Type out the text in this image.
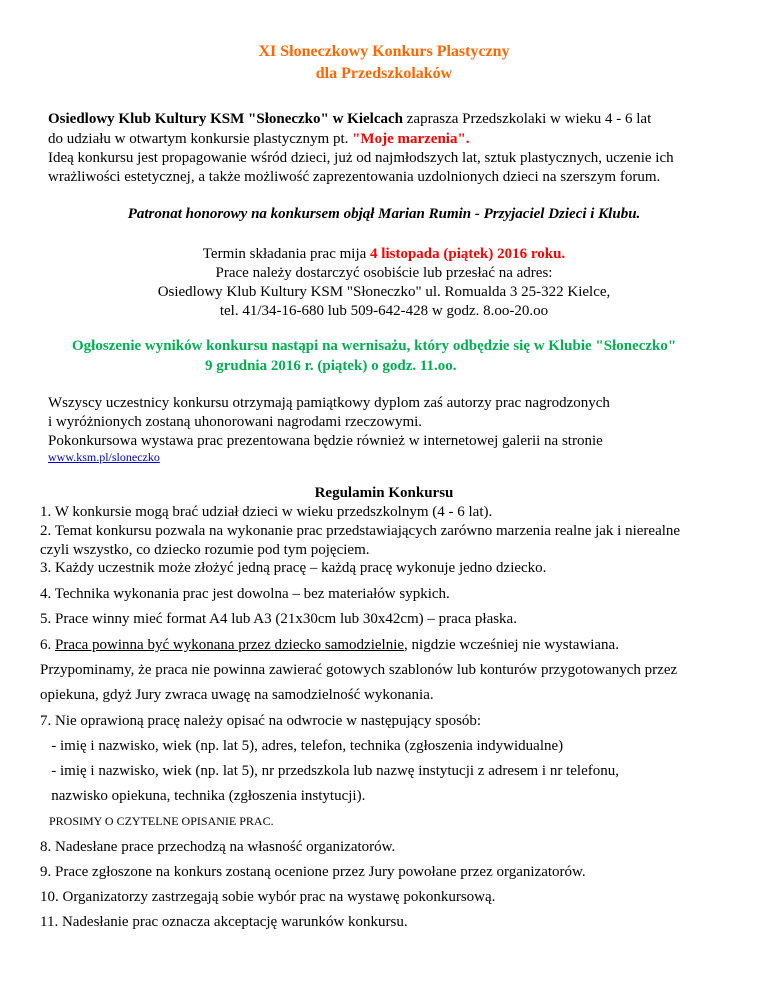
XI Słoneczkowy Konkurs Plastyczny
dla Przedszkolaków
Osiedlowy Klub Kultury KSM "Słoneczko" w Kielcach zaprasza Przedszkolaki w wieku 4 - 6 lat
do udziału w otwartym konkursie plastycznym pt. "Moje marzenia".
Ideą konkursu jest propagowanie wśród dzieci, już od najmłodszych lat, sztuk plastycznych, uczenie ich
wrażliwości estetycznej, a także możliwość zaprezentowania uzdolnionych dzieci na szerszym forum.
Patronat honorowy na konkursem objął Marian Rumin - Przyjaciel Dzieci i Klubu.
Termin składania prac mija 4 listopada (piątek) 2016 roku.
Prace należy dostarczyć osobiście lub przesłać na adres:
Osiedlowy Klub Kultury KSM "Słoneczko" ul. Romualda 3 25-322 Kielce,
tel. 41/34-16-680 lub 509-642-428 w godz. 8.oo-20.oo
Ogłoszenie wyników konkursu nastąpi na wernisażu, który odbędzie się w Klubie "Słoneczko"
9 grudnia 2016 r. (piątek) o godz. 11.oo.
Wszyscy uczestnicy konkursu otrzymają pamiątkowy dyplom zaś autorzy prac nagrodzonych
i wyróżnionych zostaną uhonorowani nagrodami rzeczowymi.
Pokonkursowa wystawa prac prezentowana będzie również w internetowej galerii na stronie
www.ksm.pl/sloneczko
Regulamin Konkursu
1. W konkursie mogą brać udział dzieci w wieku przedszkolnym (4 - 6 lat).
2. Temat konkursu pozwala na wykonanie prac przedstawiających zarówno marzenia realne jak i nierealne
czyli wszystko, co dziecko rozumie pod tym pojęciem.
3. Każdy uczestnik może złożyć jedną pracę – każdą pracę wykonuje jedno dziecko.
4. Technika wykonania prac jest dowolna – bez materiałów sypkich.
5. Prace winny mieć format A4 lub A3 (21x30cm lub 30x42cm) – praca płaska.
6. Praca powinna być wykonana przez dziecko samodzielnie, nigdzie wcześniej nie wystawiana.
Przypominamy, że praca nie powinna zawierać gotowych szablonów lub konturów przygotowanych przez
opiekuna, gdyż Jury zwraca uwagę na samodzielność wykonania.
7. Nie oprawioną pracę należy opisać na odwrocie w następujący sposób:
- imię i nazwisko, wiek (np. lat 5), adres, telefon, technika (zgłoszenia indywidualne)
- imię i nazwisko, wiek (np. lat 5), nr przedszkola lub nazwę instytucji z adresem i nr telefonu,
nazwisko opiekuna, technika (zgłoszenia instytucji).
PROSIMY O CZYTELNE OPISANIE PRAC.
8. Nadesłane prace przechodzą na własność organizatorów.
9. Prace zgłoszone na konkurs zostaną ocenione przez Jury powołane przez organizatorów.
10. Organizatorzy zastrzegają sobie wybór prac na wystawę pokonkursową.
11. Nadesłanie prac oznacza akceptację warunków konkursu.
